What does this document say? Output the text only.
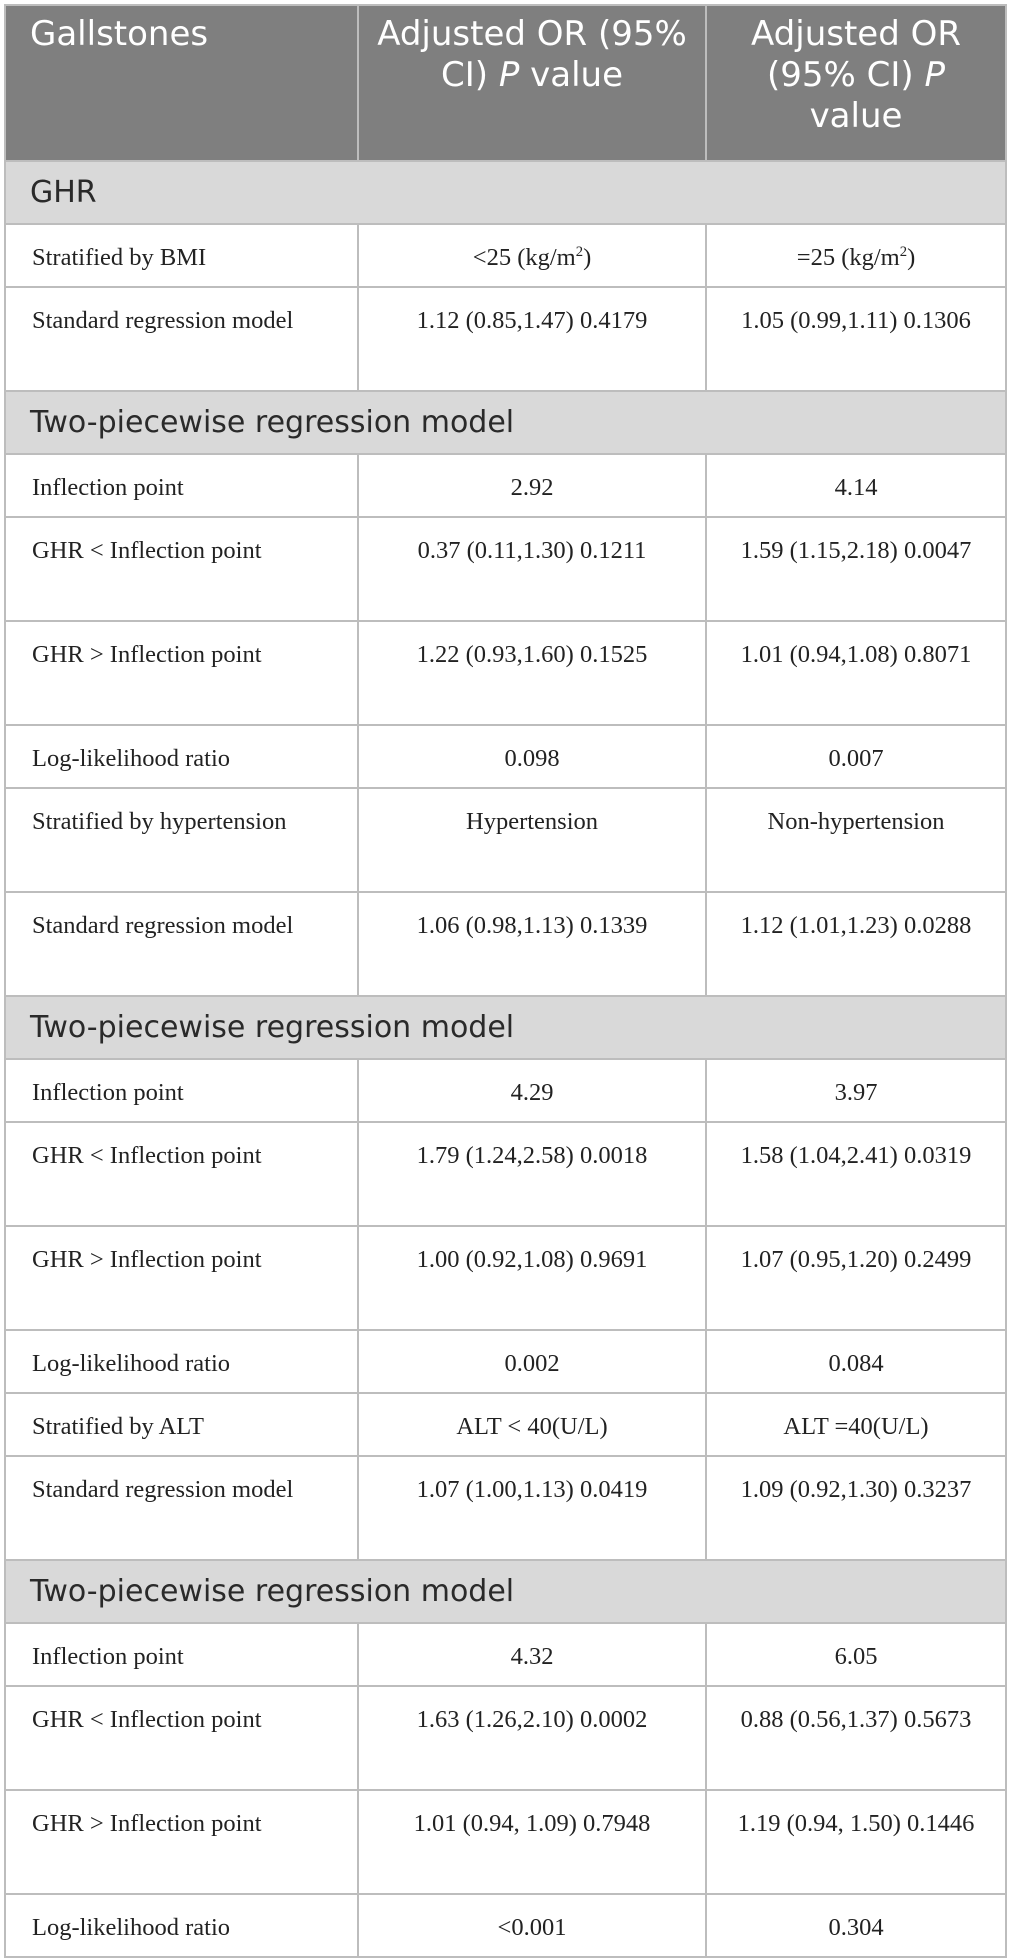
Gallstones	Adjusted OR (95% CI) P value	Adjusted OR (95% CI) P value
GHR		
Stratified by BMI	<25 $(kg/m^2)$	=25 $(kg/m^2)$
Standard regression model	1.12 (0.85,1.47) 0.4179	1.05 (0.99,1.11) 0.1306
Two-piecewise regression model		
Inflection point	2.92	4.14
GHR < Inflection point	0.37 (0.11,1.30) 0.1211	1.59 (1.15,2.18) 0.0047
GHR > Inflection point	1.22 (0.93,1.60) 0.1525	1.01 (0.94,1.08) 0.8071
Log-likelihood ratio	0.098	0.007
Stratified by hypertension	Hypertension	Non-hypertension
Standard regression model	1.06 (0.98,1.13) 0.1339	1.12 (1.01,1.23) 0.0288
Two-piecewise regression model		
Inflection point	4.29	3.97
GHR < Inflection point	1.79 (1.24,2.58) 0.0018	1.58 (1.04,2.41) 0.0319
GHR > Inflection point	1.00 (0.92,1.08) 0.9691	1.07 (0.95,1.20) 0.2499
Log-likelihood ratio	0.002	0.084
Stratified by ALT	ALT < 40(U/L)	ALT =40(U/L)
Standard regression model	1.07 (1.00,1.13) 0.0419	1.09 (0.92,1.30) 0.3237
Two-piecewise regression model		
Inflection point	4.32	6.05
GHR < Inflection point	1.63 (1.26,2.10) 0.0002	0.88 (0.56,1.37) 0.5673
GHR > Inflection point	1.01 (0.94, 1.09) 0.7948	1.19 (0.94, 1.50) 0.1446
Log-likelihood ratio	<0.001	0.304
